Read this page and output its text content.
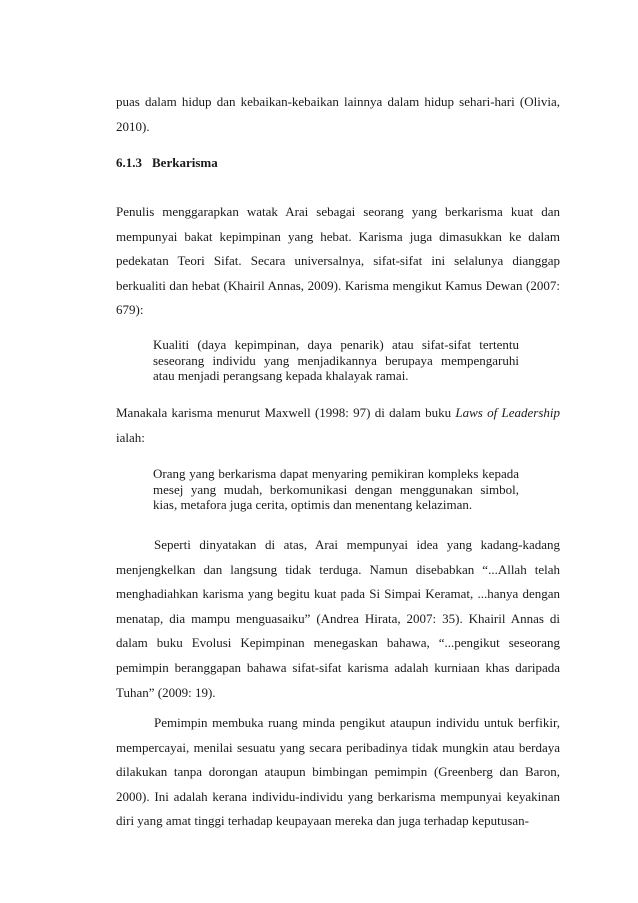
puas dalam hidup dan kebaikan-kebaikan lainnya dalam hidup sehari-hari (Olivia, 2010).

6.1.3 Berkarisma

Penulis menggarapkan watak Arai sebagai seorang yang berkarisma kuat dan mempunyai bakat kepimpinan yang hebat. Karisma juga dimasukkan ke dalam pedekatan Teori Sifat. Secara universalnya, sifat-sifat ini selalunya dianggap berkualiti dan hebat (Khairil Annas, 2009). Karisma mengikut Kamus Dewan (2007: 679):

Kualiti (daya kepimpinan, daya penarik) atau sifat-sifat tertentu seseorang individu yang menjadikannya berupaya mempengaruhi atau menjadi perangsang kepada khalayak ramai.

Manakala karisma menurut Maxwell (1998: 97) di dalam buku Laws of Leadership ialah:

Orang yang berkarisma dapat menyaring pemikiran kompleks kepada mesej yang mudah, berkomunikasi dengan menggunakan simbol, kias, metafora juga cerita, optimis dan menentang kelaziman.

Seperti dinyatakan di atas, Arai mempunyai idea yang kadang-kadang menjengkelkan dan langsung tidak terduga. Namun disebabkan “...Allah telah menghadiahkan karisma yang begitu kuat pada Si Simpai Keramat, ...hanya dengan menatap, dia mampu menguasaiku” (Andrea Hirata, 2007: 35). Khairil Annas di dalam buku Evolusi Kepimpinan menegaskan bahawa, “...pengikut seseorang pemimpin beranggapan bahawa sifat-sifat karisma adalah kurniaan khas daripada Tuhan” (2009: 19).

Pemimpin membuka ruang minda pengikut ataupun individu untuk berfikir, mempercayai, menilai sesuatu yang secara peribadinya tidak mungkin atau berdaya dilakukan tanpa dorongan ataupun bimbingan pemimpin (Greenberg dan Baron, 2000). Ini adalah kerana individu-individu yang berkarisma mempunyai keyakinan diri yang amat tinggi terhadap keupayaan mereka dan juga terhadap keputusan-
